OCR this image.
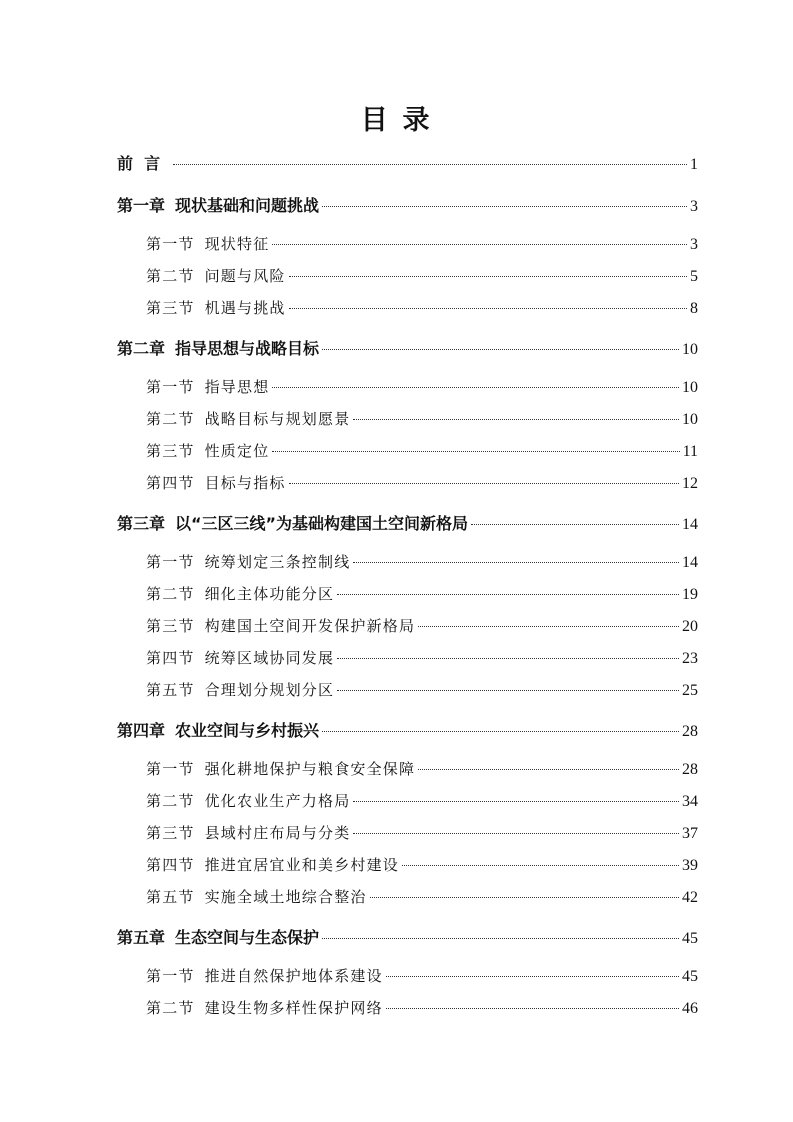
目 录
前  言	1
第一章 现状基础和问题挑战	3
第一节 现状特征	3
第二节 问题与风险	5
第三节 机遇与挑战	8
第二章 指导思想与战略目标	10
第一节 指导思想	10
第二节 战略目标与规划愿景	10
第三节 性质定位	11
第四节 目标与指标	12
第三章 以“三区三线”为基础构建国土空间新格局	14
第一节 统筹划定三条控制线	14
第二节 细化主体功能分区	19
第三节 构建国土空间开发保护新格局	20
第四节 统筹区域协同发展	23
第五节 合理划分规划分区	25
第四章 农业空间与乡村振兴	28
第一节 强化耕地保护与粮食安全保障	28
第二节 优化农业生产力格局	34
第三节 县域村庄布局与分类	37
第四节 推进宜居宜业和美乡村建设	39
第五节 实施全域土地综合整治	42
第五章 生态空间与生态保护	45
第一节 推进自然保护地体系建设	45
第二节 建设生物多样性保护网络	46
